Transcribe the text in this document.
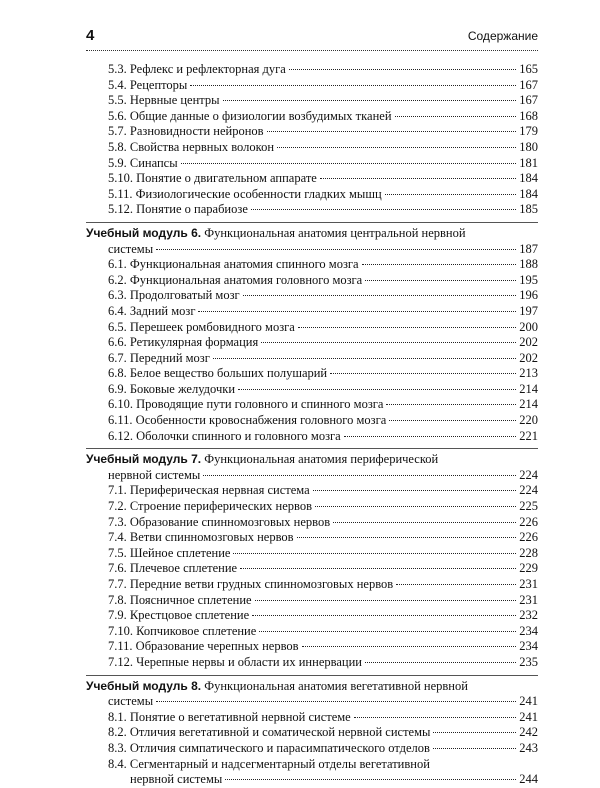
4	Содержание
5.3. Рефлекс и рефлекторная дуга	165
5.4. Рецепторы	167
5.5. Нервные центры	167
5.6. Общие данные о физиологии возбудимых тканей	168
5.7. Разновидности нейронов	179
5.8. Свойства нервных волокон	180
5.9. Синапсы	181
5.10. Понятие о двигательном аппарате	184
5.11. Физиологические особенности гладких мышц	184
5.12. Понятие о парабиозе	185
Учебный модуль 6. Функциональная анатомия центральной нервной
системы	187
6.1. Функциональная анатомия спинного мозга	188
6.2. Функциональная анатомия головного мозга	195
6.3. Продолговатый мозг	196
6.4. Задний мозг	197
6.5. Перешеек ромбовидного мозга	200
6.6. Ретикулярная формация	202
6.7. Передний мозг	202
6.8. Белое вещество больших полушарий	213
6.9. Боковые желудочки	214
6.10. Проводящие пути головного и спинного мозга	214
6.11. Особенности кровоснабжения головного мозга	220
6.12. Оболочки спинного и головного мозга	221
Учебный модуль 7. Функциональная анатомия периферической
нервной системы	224
7.1. Периферическая нервная система	224
7.2. Строение периферических нервов	225
7.3. Образование спинномозговых нервов	226
7.4. Ветви спинномозговых нервов	226
7.5. Шейное сплетение	228
7.6. Плечевое сплетение	229
7.7. Передние ветви грудных спинномозговых нервов	231
7.8. Поясничное сплетение	231
7.9. Крестцовое сплетение	232
7.10. Копчиковое сплетение	234
7.11. Образование черепных нервов	234
7.12. Черепные нервы и области их иннервации	235
Учебный модуль 8. Функциональная анатомия вегетативной нервной
системы	241
8.1. Понятие о вегетативной нервной системе	241
8.2. Отличия вегетативной и соматической нервной системы	242
8.3. Отличия симпатического и парасимпатического отделов	243
8.4. Сегментарный и надсегментарный отделы вегетативной
нервной системы	244
